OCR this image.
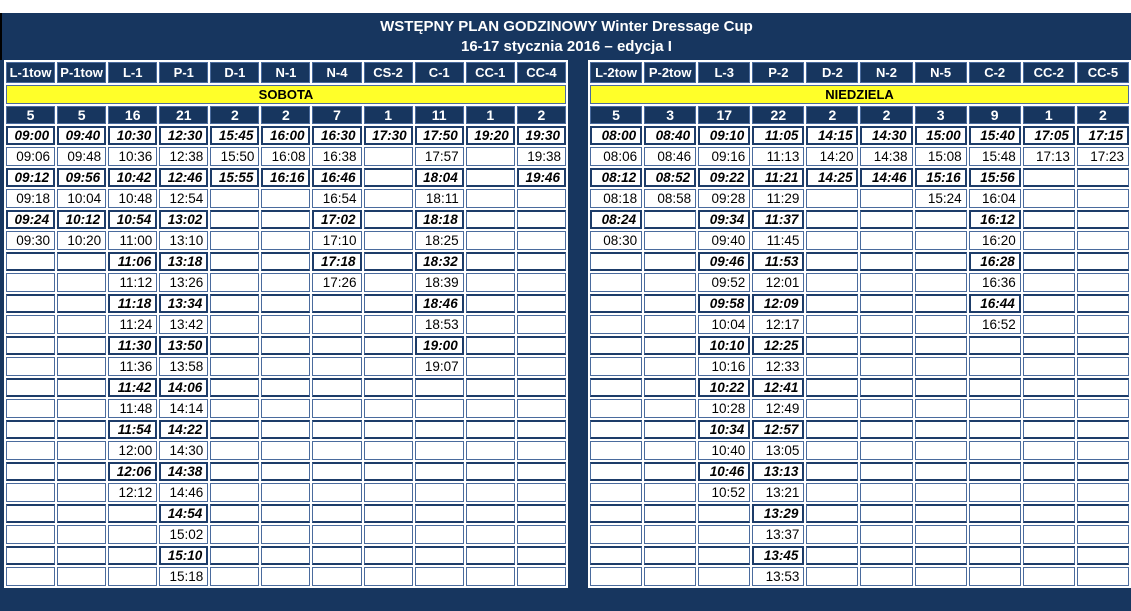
WSTĘPNY PLAN GODZINOWY Winter Dressage Cup
16-17 stycznia 2016 – edycja I
L-1tow	P-1tow	L-1	P-1	D-1	N-1	N-4	CS-2	C-1	CC-1	CC-4
SOBOTA										
5	5	16	21	2	2	7	1	11	1	2
09:00	09:40	10:30	12:30	15:45	16:00	16:30	17:30	17:50	19:20	19:30
09:06	09:48	10:36	12:38	15:50	16:08	16:38		17:57		19:38
09:12	09:56	10:42	12:46	15:55	16:16	16:46		18:04		19:46
09:18	10:04	10:48	12:54			16:54		18:11		
09:24	10:12	10:54	13:02			17:02		18:18		
09:30	10:20	11:00	13:10			17:10		18:25		
		11:06	13:18			17:18		18:32		
		11:12	13:26			17:26		18:39		
		11:18	13:34					18:46		
		11:24	13:42					18:53		
		11:30	13:50					19:00		
		11:36	13:58					19:07		
		11:42	14:06							
		11:48	14:14							
		11:54	14:22							
		12:00	14:30							
		12:06	14:38							
		12:12	14:46							
			14:54							
			15:02							
			15:10							
			15:18							
L-2tow	P-2tow	L-3	P-2	D-2	N-2	N-5	C-2	CC-2	CC-5
NIEDZIELA									
5	3	17	22	2	2	3	9	1	2
08:00	08:40	09:10	11:05	14:15	14:30	15:00	15:40	17:05	17:15
08:06	08:46	09:16	11:13	14:20	14:38	15:08	15:48	17:13	17:23
08:12	08:52	09:22	11:21	14:25	14:46	15:16	15:56		
08:18	08:58	09:28	11:29			15:24	16:04		
08:24		09:34	11:37				16:12		
08:30		09:40	11:45				16:20		
		09:46	11:53				16:28		
		09:52	12:01				16:36		
		09:58	12:09				16:44		
		10:04	12:17				16:52		
		10:10	12:25						
		10:16	12:33						
		10:22	12:41						
		10:28	12:49						
		10:34	12:57						
		10:40	13:05						
		10:46	13:13						
		10:52	13:21						
			13:29						
			13:37						
			13:45						
			13:53						
